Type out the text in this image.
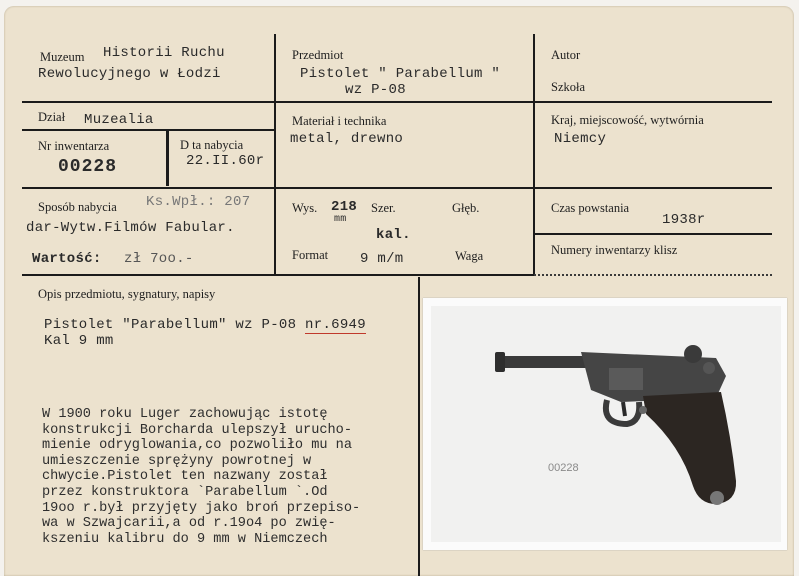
Muzeum Historii Ruchu
Rewolucyjnego w Łodzi
Przedmiot
Pistolet " Parabellum "
wz P-08
Autor
Szkoła
Dział Muzealia
Nr inwentarza
00228
D ta nabycia
22.II.60r
Materiał i technika
metal, drewno
Kraj, miejscowość, wytwórnia
Niemcy
Sposób nabycia Ks.Wpł.: 207
dar-Wytw.Filmów Fabular.
Wartość: zł 7oo.-
Wys. 218
mm
Szer.	Głęb.
kal.
Format 9 m/m	Waga
Czas powstania
1938r
Numery inwentarzy klisz
Opis przedmiotu, sygnatury, napisy
Pistolet "Parabellum" wz P-08 nr.6949
Kal 9 mm
W 1900 roku Luger zachowując istotę
konstrukcji Borcharda ulepszył urucho-
mienie odryglowania,co pozwoliło mu na
umieszczenie sprężyny powrotnej w
chwycie.Pistolet ten nazwany został
przez konstruktora `Parabellum `.Od
19oo r.był przyjęty jako broń przepiso-
wa w Szwajcarii,a od r.19o4 po zwię-
kszeniu kalibru do 9 mm w Niemczech
00228
